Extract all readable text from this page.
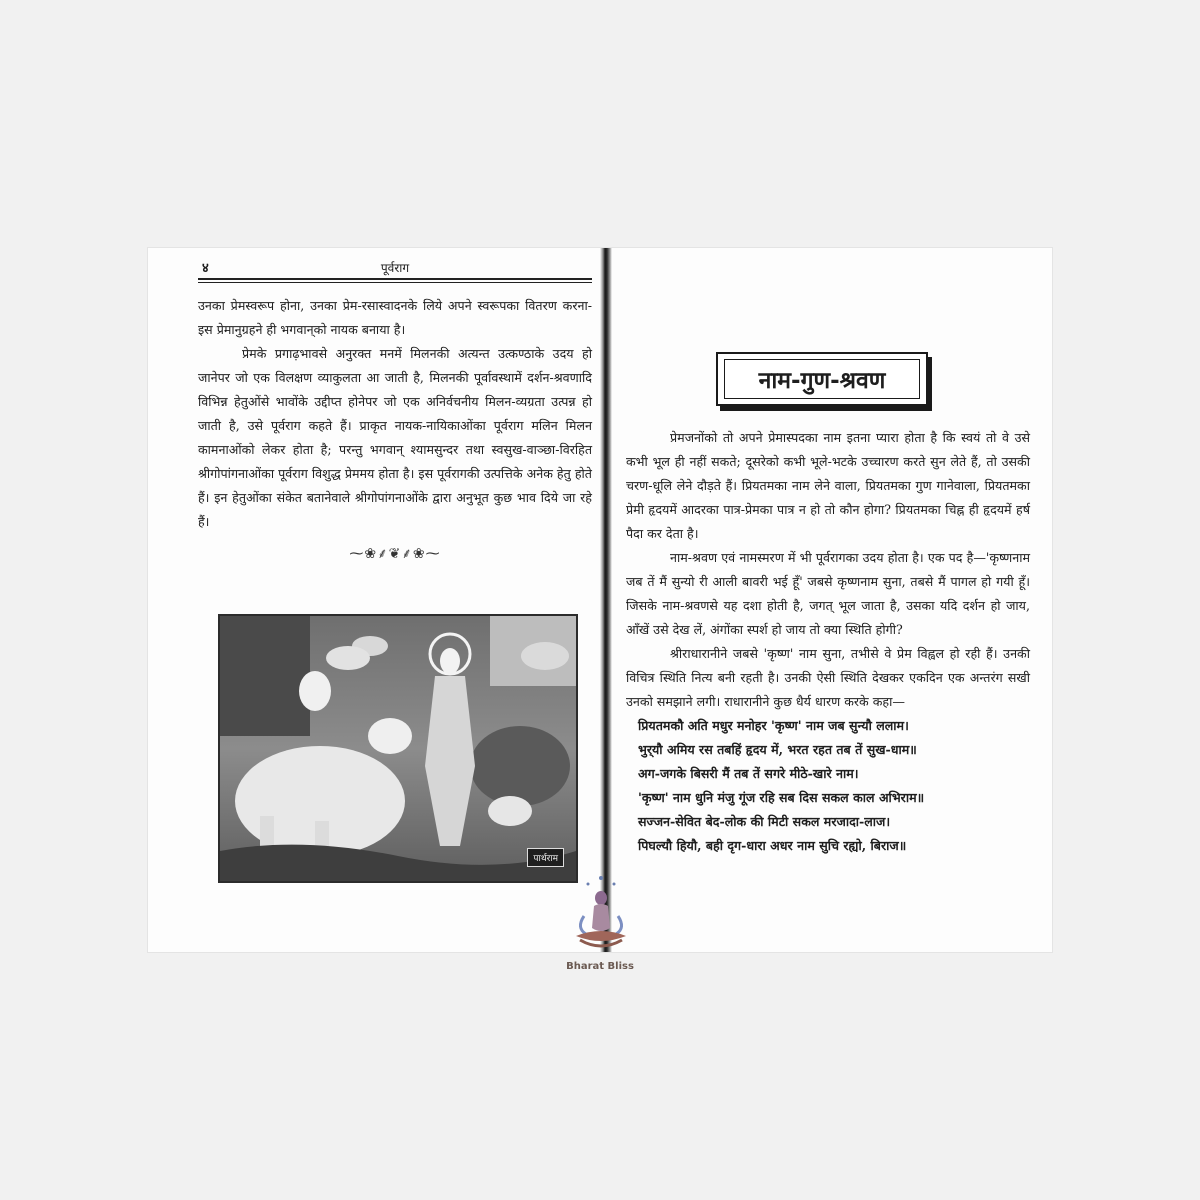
४	पूर्वराग

उनका प्रेमस्वरूप होना, उनका प्रेम-रसास्वादनके लिये अपने स्वरूपका वितरण करना- इस प्रेमानुग्रहने ही भगवान्‌को नायक बनाया है।

प्रेमके प्रगाढ़भावसे अनुरक्त मनमें मिलनकी अत्यन्त उत्कण्ठाके उदय हो जानेपर जो एक विलक्षण व्याकुलता आ जाती है, मिलनकी पूर्वावस्थामें दर्शन-श्रवणादि विभिन्न हेतुओंसे भावोंके उद्दीप्त होनेपर जो एक अनिर्वचनीय मिलन-व्यग्रता उत्पन्न हो जाती है, उसे पूर्वराग कहते हैं। प्राकृत नायक-नायिकाओंका पूर्वराग मलिन मिलन कामनाओंको लेकर होता है; परन्तु भगवान् श्यामसुन्दर तथा स्वसुख-वाञ्छा-विरहित श्रीगोपांगनाओंका पूर्वराग विशुद्ध प्रेममय होता है। इस पूर्वरागकी उत्पत्तिके अनेक हेतु होते हैं। इन हेतुओंका संकेत बतानेवाले श्रीगोपांगनाओंके द्वारा अनुभूत कुछ भाव दिये जा रहे हैं।

⁓❀⸙❦⸙❀⁓
पार्थराम
नाम-गुण-श्रवण

प्रेमजनोंको तो अपने प्रेमास्पदका नाम इतना प्यारा होता है कि स्वयं तो वे उसे कभी भूल ही नहीं सकते; दूसरेको कभी भूले-भटके उच्चारण करते सुन लेते हैं, तो उसकी चरण-धूलि लेने दौड़ते हैं। प्रियतमका नाम लेने वाला, प्रियतमका गुण गानेवाला, प्रियतमका प्रेमी हृदयमें आदरका पात्र-प्रेमका पात्र न हो तो कौन होगा? प्रियतमका चिह्न ही हृदयमें हर्ष पैदा कर देता है।

नाम-श्रवण एवं नामस्मरण में भी पूर्वरागका उदय होता है। एक पद है—'कृष्णनाम जब तें मैं सुन्यो री आली बावरी भई हूँ' जबसे कृष्णनाम सुना, तबसे मैं पागल हो गयी हूँ। जिसके नाम-श्रवणसे यह दशा होती है, जगत् भूल जाता है, उसका यदि दर्शन हो जाय, आँखें उसे देख लें, अंगोंका स्पर्श हो जाय तो क्या स्थिति होगी?

श्रीराधारानीने जबसे 'कृष्ण' नाम सुना, तभीसे वे प्रेम विह्वल हो रही हैं। उनकी विचित्र स्थिति नित्य बनी रहती है। उनकी ऐसी स्थिति देखकर एकदिन एक अन्तरंग सखी उनको समझाने लगी। राधारानीने कुछ धैर्य धारण करके कहा—

प्रियतमकौ अति मधुर मनोहर 'कृष्ण' नाम जब सुन्यौ ललाम।
भुर्‌यौ अमिय रस तबहिं हृदय में, भरत रहत तब तें सुख-धाम॥
अग-जगके बिसरी मैं तब तें सगरे मीठे-खारे नाम।
'कृष्ण' नाम धुनि मंजु गूंज रहि सब दिस सकल काल अभिराम॥
सज्जन-सेवित बेद-लोक की मिटी सकल मरजादा-लाज।
पिघल्यौ हियौ, बही दृग-धारा अधर नाम सुचि रह्यो, बिराज॥
Bharat Bliss
